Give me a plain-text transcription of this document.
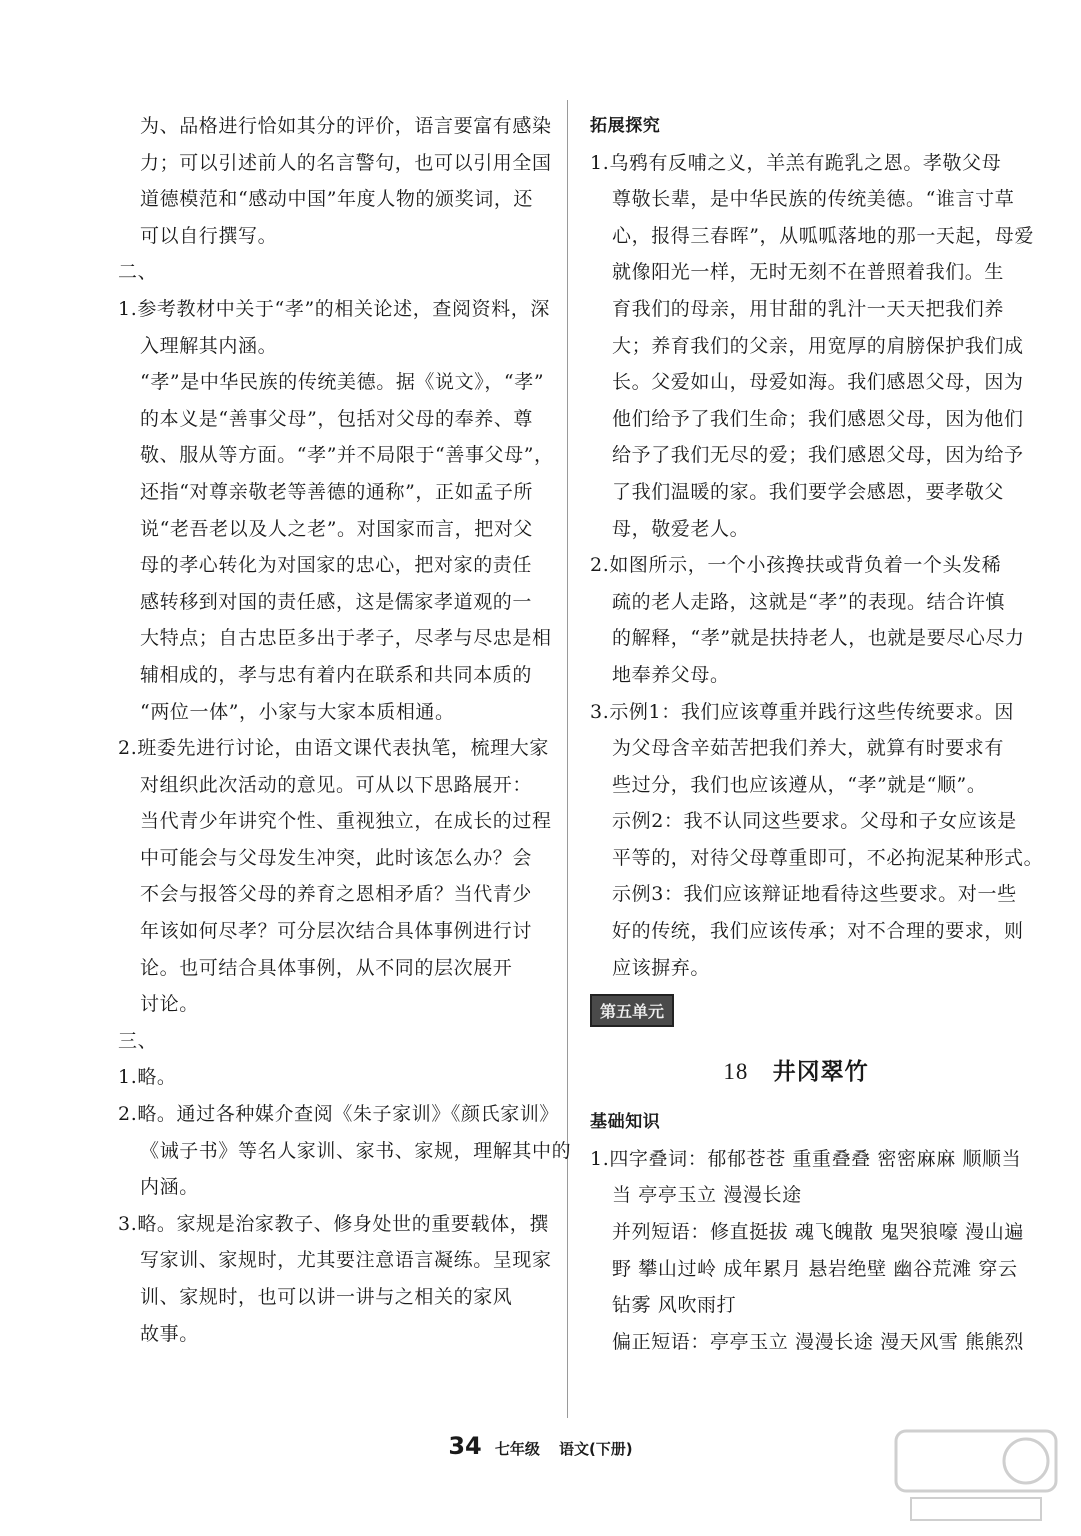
为、品格进行恰如其分的评价，语言要富有感染
力；可以引述前人的名言警句，也可以引用全国
道德模范和“感动中国”年度人物的颁奖词，还
可以自行撰写。
二、
1.参考教材中关于“孝”的相关论述，查阅资料，深
入理解其内涵。
“孝”是中华民族的传统美德。据《说文》，“孝”
的本义是“善事父母”，包括对父母的奉养、尊
敬、服从等方面。“孝”并不局限于“善事父母”，
还指“对尊亲敬老等善德的通称”，正如孟子所
说“老吾老以及人之老”。对国家而言，把对父
母的孝心转化为对国家的忠心，把对家的责任
感转移到对国的责任感，这是儒家孝道观的一
大特点；自古忠臣多出于孝子，尽孝与尽忠是相
辅相成的，孝与忠有着内在联系和共同本质的
“两位一体”，小家与大家本质相通。
2.班委先进行讨论，由语文课代表执笔，梳理大家
对组织此次活动的意见。可从以下思路展开：
当代青少年讲究个性、重视独立，在成长的过程
中可能会与父母发生冲突，此时该怎么办？会
不会与报答父母的养育之恩相矛盾？当代青少
年该如何尽孝？可分层次结合具体事例进行讨
论。也可结合具体事例，从不同的层次展开
讨论。
三、
1.略。
2.略。通过各种媒介查阅《朱子家训》《颜氏家训》
《诫子书》等名人家训、家书、家规，理解其中的
内涵。
3.略。家规是治家教子、修身处世的重要载体，撰
写家训、家规时，尤其要注意语言凝练。呈现家
训、家规时，也可以讲一讲与之相关的家风
故事。
拓展探究
1.乌鸦有反哺之义，羊羔有跪乳之恩。孝敬父母
尊敬长辈，是中华民族的传统美德。“谁言寸草
心，报得三春晖”，从呱呱落地的那一天起，母爱
就像阳光一样，无时无刻不在普照着我们。生
育我们的母亲，用甘甜的乳汁一天天把我们养
大；养育我们的父亲，用宽厚的肩膀保护我们成
长。父爱如山，母爱如海。我们感恩父母，因为
他们给予了我们生命；我们感恩父母，因为他们
给予了我们无尽的爱；我们感恩父母，因为给予
了我们温暖的家。我们要学会感恩，要孝敬父
母，敬爱老人。
2.如图所示，一个小孩搀扶或背负着一个头发稀
疏的老人走路，这就是“孝”的表现。结合许慎
的解释，“孝”就是扶持老人，也就是要尽心尽力
地奉养父母。
3.示例1：我们应该尊重并践行这些传统要求。因
为父母含辛茹苦把我们养大，就算有时要求有
些过分，我们也应该遵从，“孝”就是“顺”。
示例2：我不认同这些要求。父母和子女应该是
平等的，对待父母尊重即可，不必拘泥某种形式。
示例3：我们应该辩证地看待这些要求。对一些
好的传统，我们应该传承；对不合理的要求，则
应该摒弃。
第五单元
18 井冈翠竹
基础知识
1.四字叠词：郁郁苍苍 重重叠叠 密密麻麻 顺顺当
当 亭亭玉立 漫漫长途
并列短语：修直挺拔 魂飞魄散 鬼哭狼嚎 漫山遍
野 攀山过岭 成年累月 悬岩绝壁 幽谷荒滩 穿云
钻雾 风吹雨打
偏正短语：亭亭玉立 漫漫长途 漫天风雪 熊熊烈
34 七年级 语文(下册)
